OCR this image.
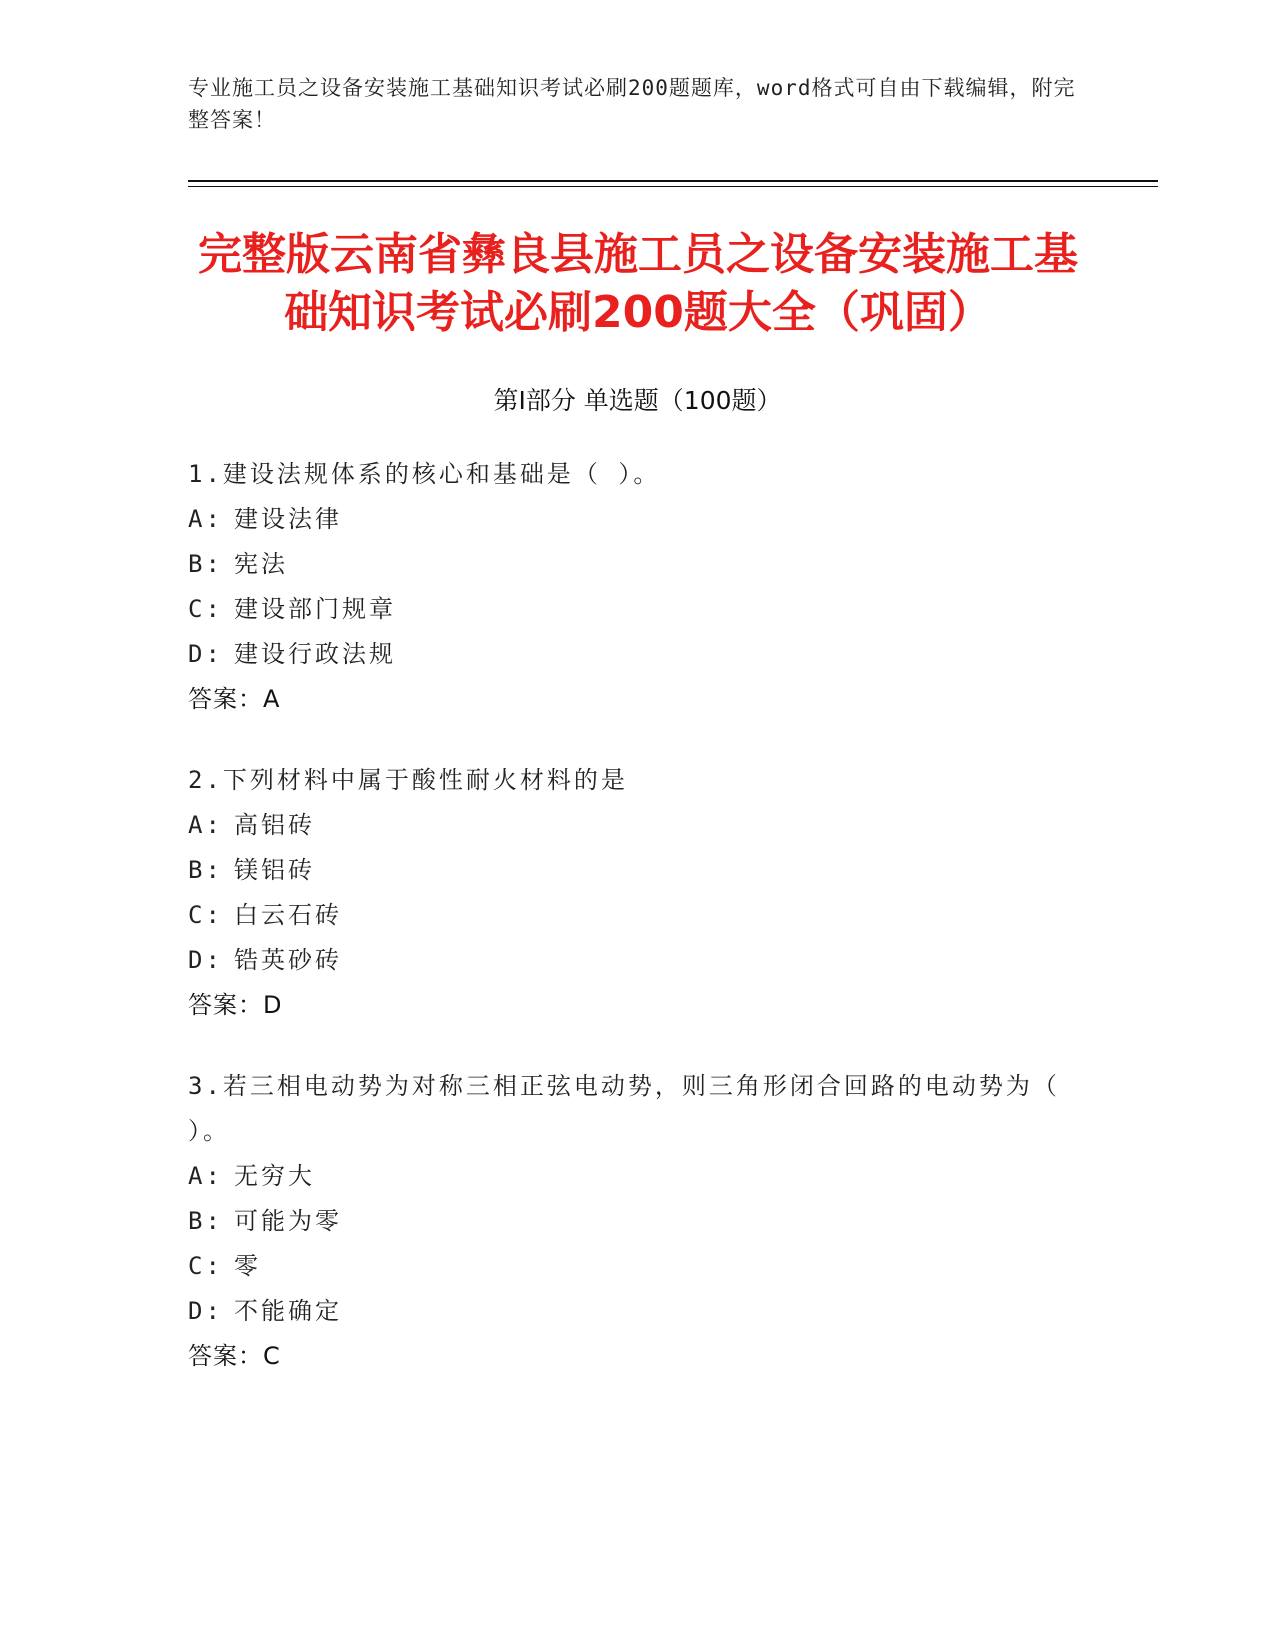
专业施工员之设备安装施工基础知识考试必刷200题题库，word格式可自由下载编辑，附完整答案！
完整版云南省彝良县施工员之设备安装施工基础知识考试必刷200题大全（巩固）
第Ⅰ部分 单选题（100题）
1.建设法规体系的核心和基础是（ ）。
A: 建设法律
B: 宪法
C: 建设部门规章
D: 建设行政法规
答案：A
2.下列材料中属于酸性耐火材料的是
A: 高铝砖
B: 镁铝砖
C: 白云石砖
D: 锆英砂砖
答案：D
3.若三相电动势为对称三相正弦电动势，则三角形闭合回路的电动势为（ ）。
A: 无穷大
B: 可能为零
C: 零
D: 不能确定
答案：C
